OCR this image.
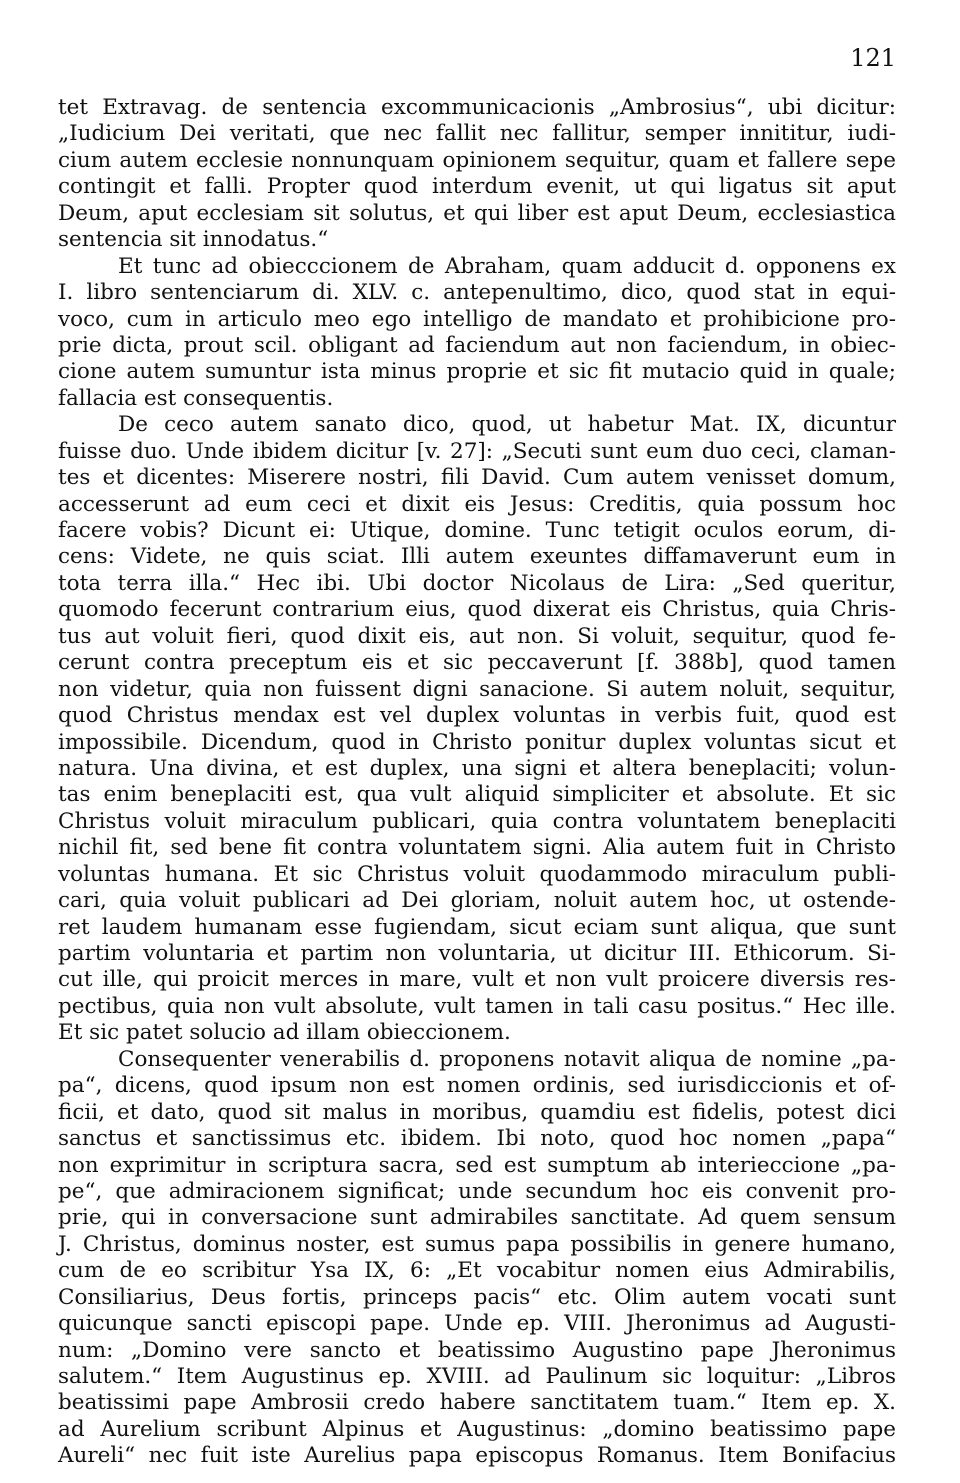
121
tet Extravag. de sentencia excommunicacionis „Ambrosius“, ubi dicitur:
„Iudicium Dei veritati, que nec fallit nec fallitur, semper innititur, iudi-
cium autem ecclesie nonnunquam opinionem sequitur, quam et fallere sepe
contingit et falli. Propter quod interdum evenit, ut qui ligatus sit aput
Deum, aput ecclesiam sit solutus, et qui liber est aput Deum, ecclesiastica
sentencia sit innodatus.“
Et tunc ad obiecccionem de Abraham, quam adducit d. opponens ex
I. libro sentenciarum di. XLV. c. antepenultimo, dico, quod stat in equi-
voco, cum in articulo meo ego intelligo de mandato et prohibicione pro-
prie dicta, prout scil. obligant ad faciendum aut non faciendum, in obiec-
cione autem sumuntur ista minus proprie et sic fit mutacio quid in quale;
fallacia est consequentis.
De ceco autem sanato dico, quod, ut habetur Mat. IX, dicuntur
fuisse duo. Unde ibidem dicitur [v. 27]: „Secuti sunt eum duo ceci, claman-
tes et dicentes: Miserere nostri, fili David. Cum autem venisset domum,
accesserunt ad eum ceci et dixit eis Jesus: Creditis, quia possum hoc
facere vobis? Dicunt ei: Utique, domine. Tunc tetigit oculos eorum, di-
cens: Videte, ne quis sciat. Illi autem exeuntes diffamaverunt eum in
tota terra illa.“ Hec ibi. Ubi doctor Nicolaus de Lira: „Sed queritur,
quomodo fecerunt contrarium eius, quod dixerat eis Christus, quia Chris-
tus aut voluit fieri, quod dixit eis, aut non. Si voluit, sequitur, quod fe-
cerunt contra preceptum eis et sic peccaverunt [f. 388b], quod tamen
non videtur, quia non fuissent digni sanacione. Si autem noluit, sequitur,
quod Christus mendax est vel duplex voluntas in verbis fuit, quod est
impossibile. Dicendum, quod in Christo ponitur duplex voluntas sicut et
natura. Una divina, et est duplex, una signi et altera beneplaciti; volun-
tas enim beneplaciti est, qua vult aliquid simpliciter et absolute. Et sic
Christus voluit miraculum publicari, quia contra voluntatem beneplaciti
nichil fit, sed bene fit contra voluntatem signi. Alia autem fuit in Christo
voluntas humana. Et sic Christus voluit quodammodo miraculum publi-
cari, quia voluit publicari ad Dei gloriam, noluit autem hoc, ut ostende-
ret laudem humanam esse fugiendam, sicut eciam sunt aliqua, que sunt
partim voluntaria et partim non voluntaria, ut dicitur III. Ethicorum. Si-
cut ille, qui proicit merces in mare, vult et non vult proicere diversis res-
pectibus, quia non vult absolute, vult tamen in tali casu positus.“ Hec ille.
Et sic patet solucio ad illam obieccionem.
Consequenter venerabilis d. proponens notavit aliqua de nomine „pa-
pa“, dicens, quod ipsum non est nomen ordinis, sed iurisdiccionis et of-
ficii, et dato, quod sit malus in moribus, quamdiu est fidelis, potest dici
sanctus et sanctissimus etc. ibidem. Ibi noto, quod hoc nomen „papa“
non exprimitur in scriptura sacra, sed est sumptum ab interieccione „pa-
pe“, que admiracionem significat; unde secundum hoc eis convenit pro-
prie, qui in conversacione sunt admirabiles sanctitate. Ad quem sensum
J. Christus, dominus noster, est sumus papa possibilis in genere humano,
cum de eo scribitur Ysa IX, 6: „Et vocabitur nomen eius Admirabilis,
Consiliarius, Deus fortis, princeps pacis“ etc. Olim autem vocati sunt
quicunque sancti episcopi pape. Unde ep. VIII. Jheronimus ad Augusti-
num: „Domino vere sancto et beatissimo Augustino pape Jheronimus
salutem.“ Item Augustinus ep. XVIII. ad Paulinum sic loquitur: „Libros
beatissimi pape Ambrosii credo habere sanctitatem tuam.“ Item ep. X.
ad Aurelium scribunt Alpinus et Augustinus: „domino beatissimo pape
Aureli“ nec fuit iste Aurelius papa episcopus Romanus. Item Bonifacius
